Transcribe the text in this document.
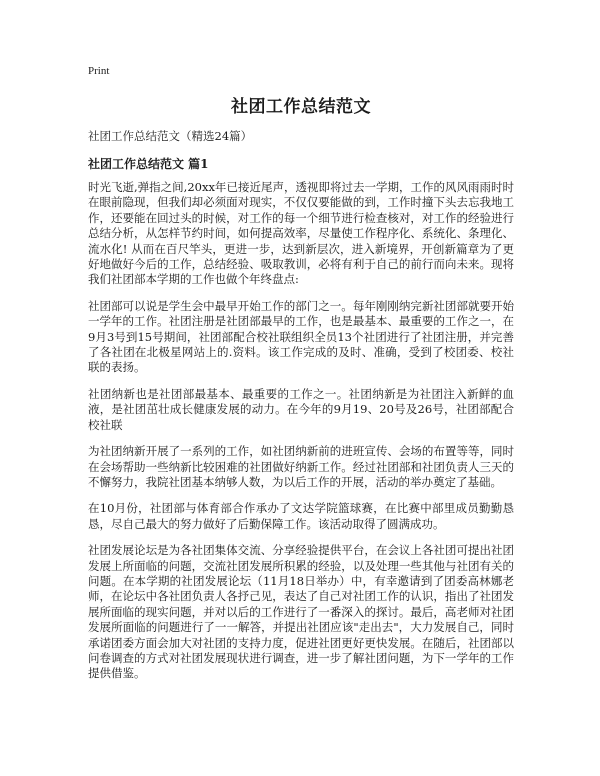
Print
社团工作总结范文
社团工作总结范文（精选24篇）
社团工作总结范文 篇1

时光飞逝,弹指之间,20xx年已接近尾声，透视即将过去一学期，工作的风风雨雨时时在眼前隐现，但我们却必须面对现实，不仅仅要能做的到，工作时撞下头去忘我地工作，还要能在回过头的时候，对工作的每一个细节进行检查核对，对工作的经验进行总结分析，从怎样节约时间，如何提高效率，尽量使工作程序化、系统化、条理化、流水化! 从而在百尺竿头，更进一步，达到新层次，进入新境界，开创新篇章为了更好地做好今后的工作，总结经验、吸取教训，必将有利于自己的前行而向未来。现将我们社团部本学期的工作也做个年终盘点:

社团部可以说是学生会中最早开始工作的部门之一。每年刚刚纳完新社团部就要开始一学年的工作。社团注册是社团部最早的工作，也是最基本、最重要的工作之一，在9月3号到15号期间，社团部配合校社联组织全员13个社团进行了社团注册，并完善了各社团在北极星网站上的.资料。该工作完成的及时、准确，受到了校团委、校社联的表扬。

社团纳新也是社团部最基本、最重要的工作之一。社团纳新是为社团注入新鲜的血液，是社团茁壮成长健康发展的动力。在今年的9月19、20号及26号，社团部配合校社联

为社团纳新开展了一系列的工作，如社团纳新前的进班宣传、会场的布置等等，同时在会场帮助一些纳新比较困难的社团做好纳新工作。经过社团部和社团负责人三天的不懈努力，我院社团基本纳够人数，为以后工作的开展，活动的举办奠定了基础。

在10月份，社团部与体育部合作承办了文达学院篮球赛，在比赛中部里成员勤勤恳恳，尽自己最大的努力做好了后勤保障工作。该活动取得了圆满成功。

社团发展论坛是为各社团集体交流、分享经验提供平台，在会议上各社团可提出社团发展上所面临的问题，交流社团发展所积累的经验，以及处理一些其他与社团有关的问题。在本学期的社团发展论坛（11月18日举办）中，有幸邀请到了团委高林娜老师，在论坛中各社团负责人各抒己见，表达了自己对社团工作的认识，指出了社团发展所面临的现实问题，并对以后的工作进行了一番深入的探讨。最后，高老师对社团发展所面临的问题进行了一一解答，并提出社团应该"走出去"，大力发展自己，同时承诺团委方面会加大对社团的支持力度，促进社团更好更快发展。在随后，社团部以问卷调查的方式对社团发展现状进行调查，进一步了解社团问题，为下一学年的工作提供借鉴。
